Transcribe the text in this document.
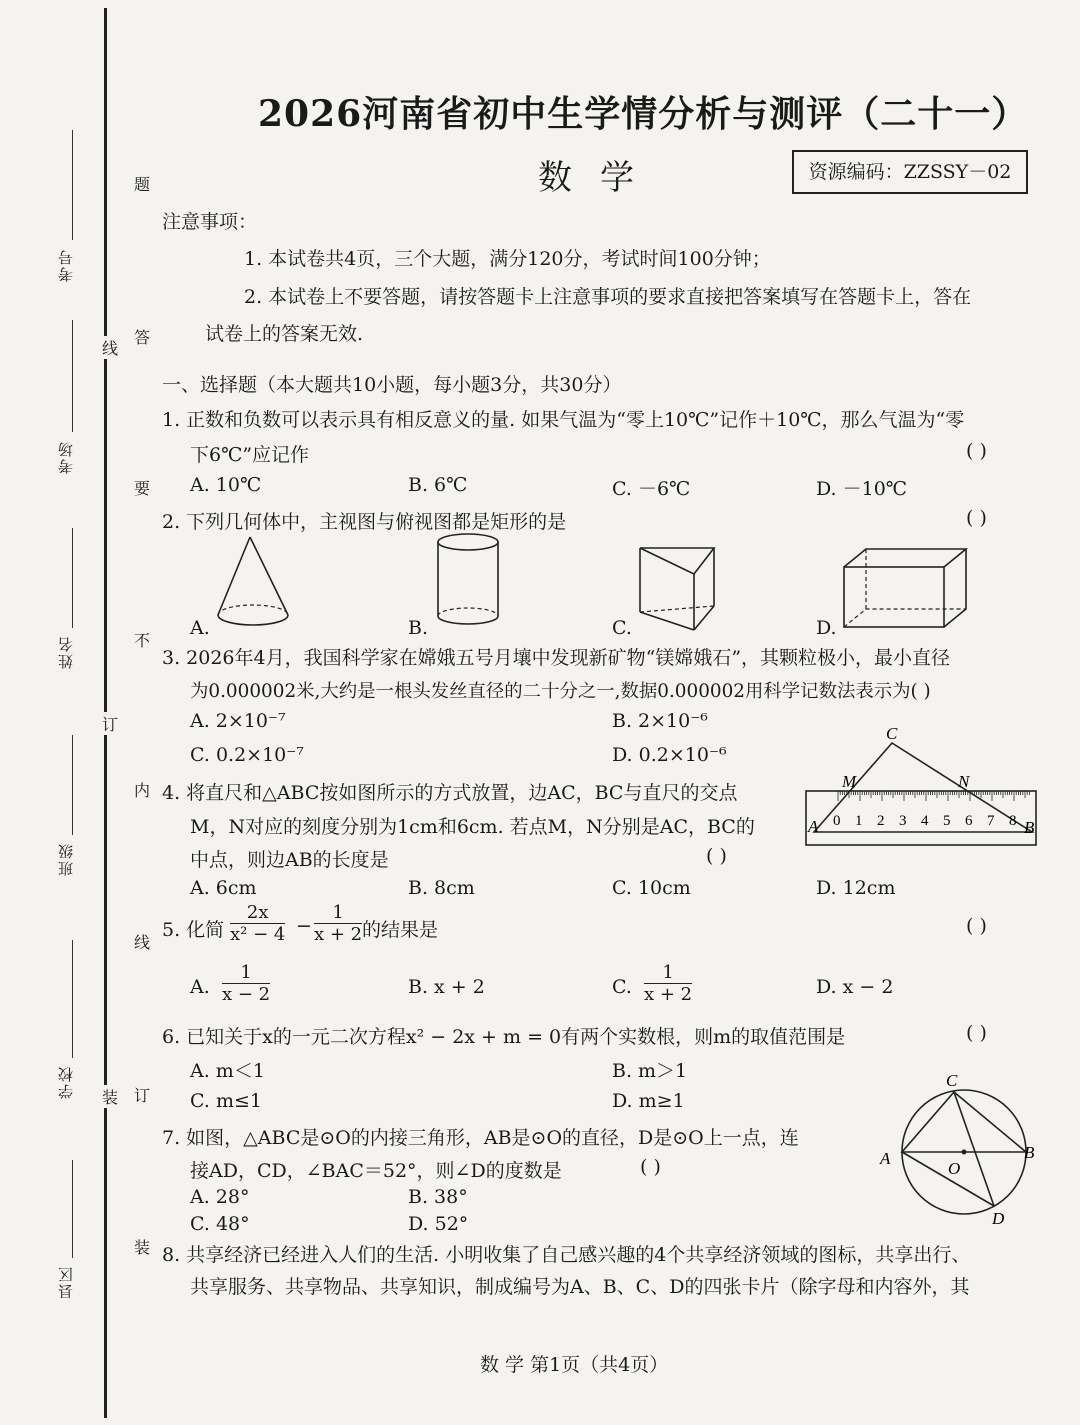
考号
考场
姓名
班级
学校
县区
线
订
装
题
答
要
不
内
线
订
装
2026河南省初中生学情分析与测评（二十一）
数学	资源编码：ZZSSY－02
注意事项：
1. 本试卷共4页，三个大题，满分120分，考试时间100分钟；
2. 本试卷上不要答题，请按答题卡上注意事项的要求直接把答案填写在答题卡上，答在
试卷上的答案无效.
一、选择题（本大题共10小题，每小题3分，共30分）
1. 正数和负数可以表示具有相反意义的量. 如果气温为“零上10℃”记作＋10℃，那么气温为“零
下6℃”应记作	( )
A. 10℃	B. 6℃	C. －6℃	D. －10℃
2. 下列几何体中，主视图与俯视图都是矩形的是	( )
A.	B.	C.	D.
3. 2026年4月，我国科学家在嫦娥五号月壤中发现新矿物“镁嫦娥石”，其颗粒极小，最小直径
为0.000002米,大约是一根头发丝直径的二十分之一,数据0.000002用科学记数法表示为( )
A. 2×10⁻⁷	B. 2×10⁻⁶
C. 0.2×10⁻⁷	D. 0.2×10⁻⁶
4. 将直尺和△ABC按如图所示的方式放置，边AC，BC与直尺的交点
M，N对应的刻度分别为1cm和6cm. 若点M，N分别是AC，BC的
中点，则边AB的长度是	( )
C
M	N
A	B
0 1 2 3 4 5 6 7 8
A. 6cm	B. 8cm	C. 10cm	D. 12cm
5. 化简 $\frac{2x}{\text{x² − 4}} - \frac{1}{x + 2}$ 的结果是	( )
A. $\frac{1}{x - 2}$	B. x + 2	C. $\frac{1}{x + 2}$	D. x − 2
6. 已知关于x的一元二次方程x² − 2x + m = 0有两个实数根，则m的取值范围是	( )
A. m＜1	B. m＞1
C. m≤1	D. m≥1
7. 如图，△ABC是⊙O的内接三角形，AB是⊙O的直径，D是⊙O上一点，连
接AD，CD，∠BAC＝52°，则∠D的度数是	( )
A. 28°	B. 38°
C. 48°	D. 52°
C
A	B
O
D
8. 共享经济已经进入人们的生活. 小明收集了自己感兴趣的4个共享经济领域的图标，共享出行、
共享服务、共享物品、共享知识，制成编号为A、B、C、D的四张卡片（除字母和内容外，其
数 学 第1页（共4页）
